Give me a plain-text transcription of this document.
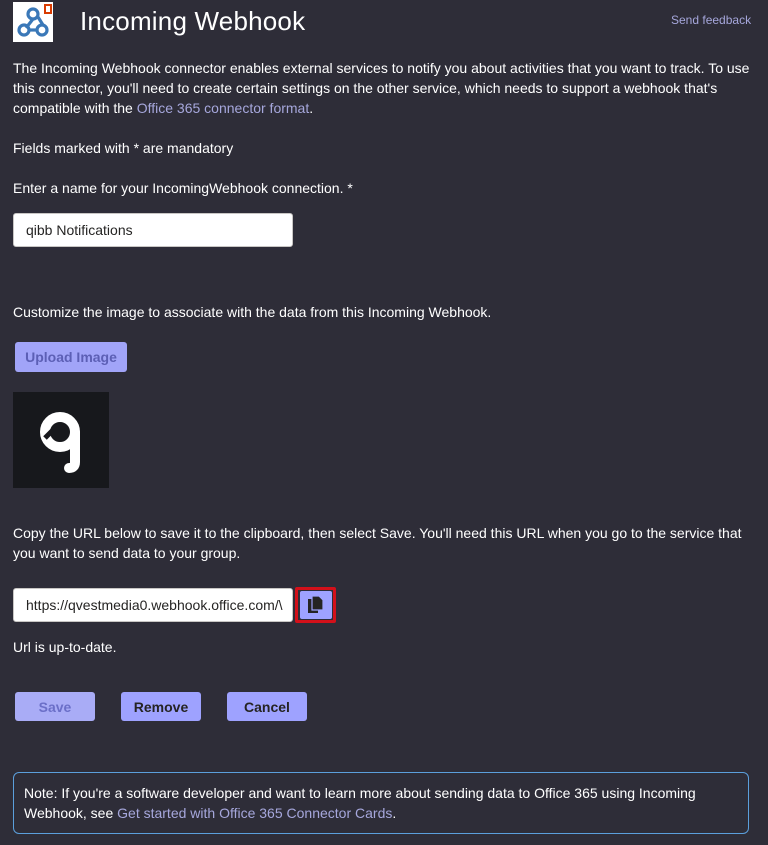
Incoming Webhook	Send feedback
The Incoming Webhook connector enables external services to notify you about activities that you want to track. To use this connector, you'll need to create certain settings on the other service, which needs to support a webhook that's compatible with the Office 365 connector format.
Fields marked with * are mandatory
Enter a name for your IncomingWebhook connection. *
qibb Notifications
Customize the image to associate with the data from this Incoming Webhook.
Upload Image
Copy the URL below to save it to the clipboard, then select Save. You'll need this URL when you go to the service that you want to send data to your group.
https://qvestmedia0.webhook.office.com/\
Url is up-to-date.
Save	Remove	Cancel
Note: If you're a software developer and want to learn more about sending data to Office 365 using Incoming Webhook, see Get started with Office 365 Connector Cards.
